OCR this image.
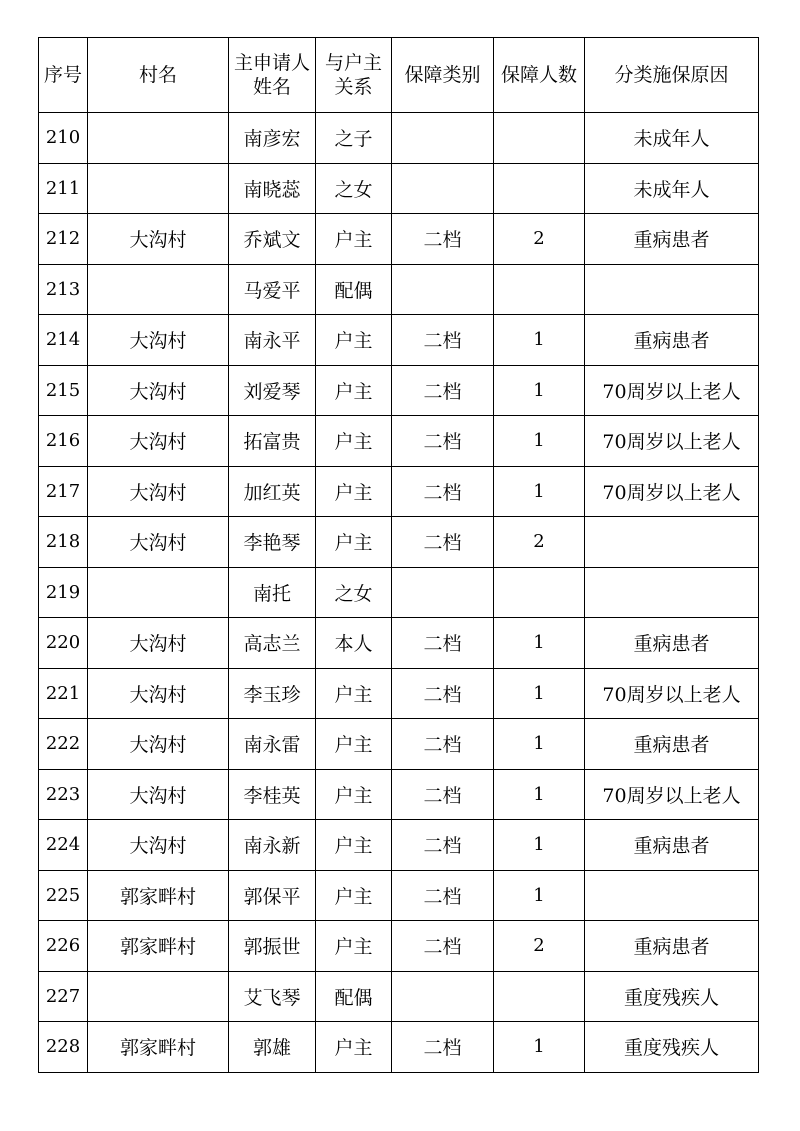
序号	村名	主申请人姓名	与户主关系	保障类别	保障人数	分类施保原因
210		南彦宏	之子			未成年人
211		南晓蕊	之女			未成年人
212	大沟村	乔斌文	户主	二档	2	重病患者
213		马爱平	配偶			
214	大沟村	南永平	户主	二档	1	重病患者
215	大沟村	刘爱琴	户主	二档	1	70周岁以上老人
216	大沟村	拓富贵	户主	二档	1	70周岁以上老人
217	大沟村	加红英	户主	二档	1	70周岁以上老人
218	大沟村	李艳琴	户主	二档	2	
219		南托	之女			
220	大沟村	高志兰	本人	二档	1	重病患者
221	大沟村	李玉珍	户主	二档	1	70周岁以上老人
222	大沟村	南永雷	户主	二档	1	重病患者
223	大沟村	李桂英	户主	二档	1	70周岁以上老人
224	大沟村	南永新	户主	二档	1	重病患者
225	郭家畔村	郭保平	户主	二档	1	
226	郭家畔村	郭振世	户主	二档	2	重病患者
227		艾飞琴	配偶			重度残疾人
228	郭家畔村	郭雄	户主	二档	1	重度残疾人
